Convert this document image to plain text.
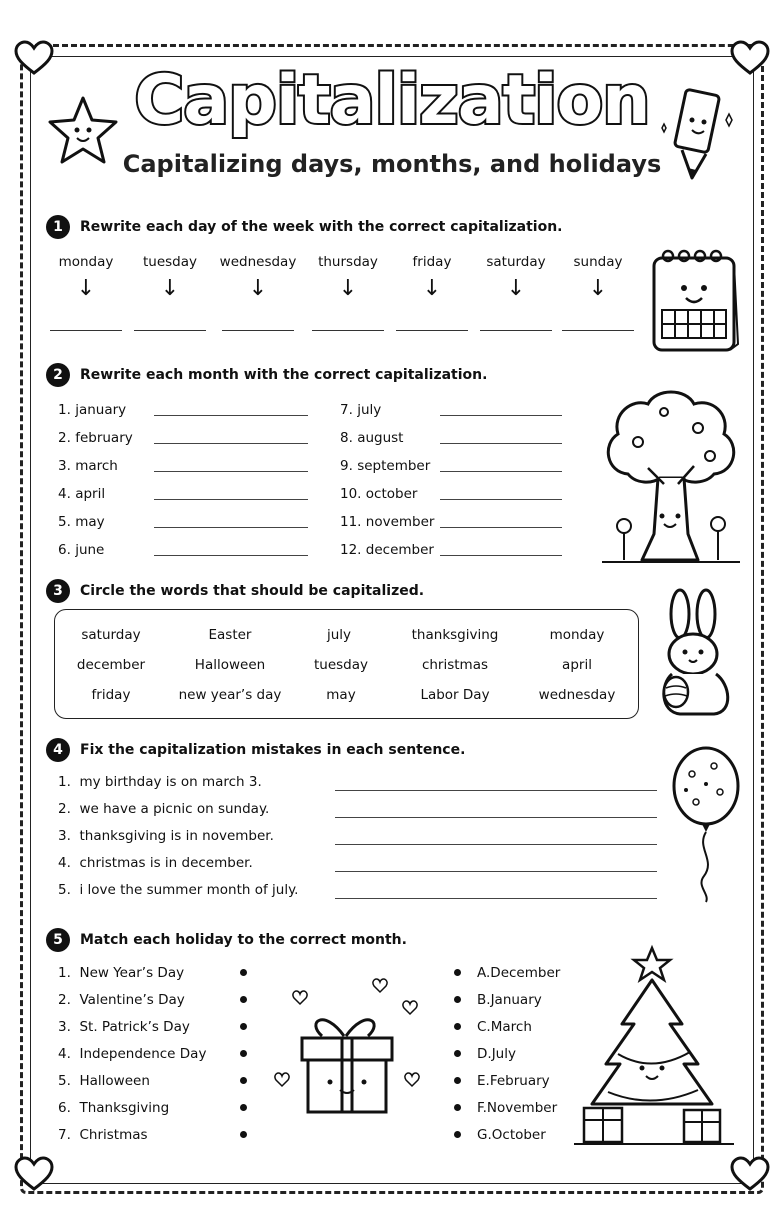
Capitalization
Capitalizing days, months, and holidays
1	Rewrite each day of the week with the correct capitalization.
monday
↓
tuesday
↓
wednesday
↓
thursday
↓
friday
↓
saturday
↓
sunday
↓
2	Rewrite each month with the correct capitalization.
1.
january
2.
february
3.
march
4.
april
5.
may
6.
june
7.
july
8.
august
9.
september
10.
october
11.
november
12.
december
3	Circle the words that should be capitalized.
saturday	Easter	july	thanksgiving	monday
december	Halloween	tuesday	christmas	april
friday	new year’s day	may	Labor Day	wednesday
4	Fix the capitalization mistakes in each sentence.
1. my birthday is on march 3.
2. we have a picnic on sunday.
3. thanksgiving is in november.
4. christmas is in december.
5. i love the summer month of july.
5	Match each holiday to the correct month.
1. New Year’s Day
2. Valentine’s Day
3. St. Patrick’s Day
4. Independence Day
5. Halloween
6. Thanksgiving
7. Christmas
A.December
B.January
C.March
D.July
E.February
F.November
G.October
